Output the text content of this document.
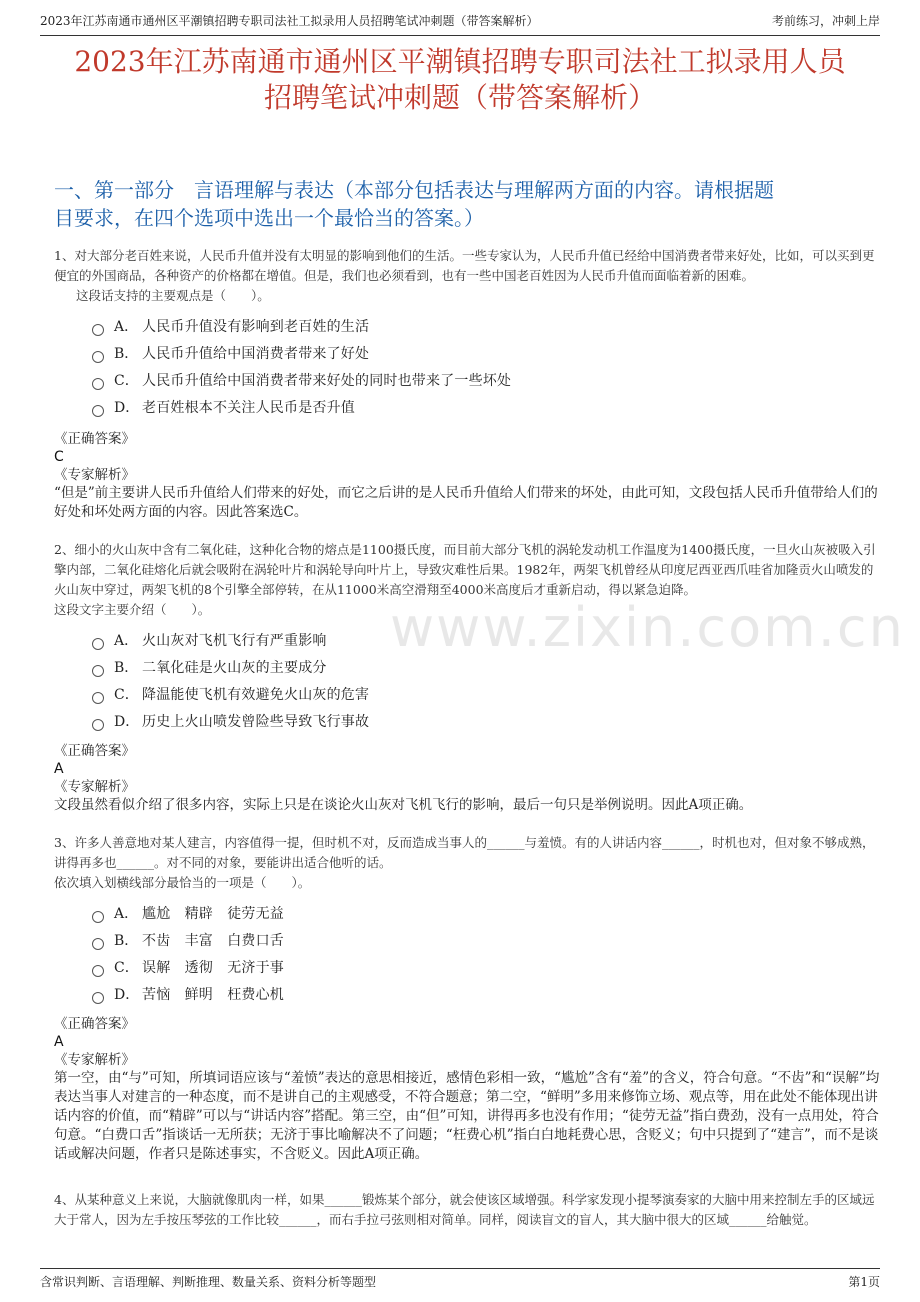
2023年江苏南通市通州区平潮镇招聘专职司法社工拟录用人员招聘笔试冲刺题（带答案解析）	考前练习，冲刺上岸
2023年江苏南通市通州区平潮镇招聘专职司法社工拟录用人员
招聘笔试冲刺题（带答案解析）
一、第一部分　言语理解与表达（本部分包括表达与理解两方面的内容。请根据题
目要求，在四个选项中选出一个最恰当的答案。）
1、对大部分老百姓来说，人民币升值并没有太明显的影响到他们的生活。一些专家认为，人民币升值已经给中国消费者带来好处，比如，可以买到更便宜的外国商品，各种资产的价格都在增值。但是，我们也必须看到，也有一些中国老百姓因为人民币升值而面临着新的困难。
这段话支持的主要观点是（　　）。
A． 人民币升值没有影响到老百姓的生活
B． 人民币升值给中国消费者带来了好处
C． 人民币升值给中国消费者带来好处的同时也带来了一些坏处
D． 老百姓根本不关注人民币是否升值
《正确答案》
C
《专家解析》
“但是”前主要讲人民币升值给人们带来的好处，而它之后讲的是人民币升值给人们带来的坏处，由此可知，文段包括人民币升值带给人们的好处和坏处两方面的内容。因此答案选C。
2、细小的火山灰中含有二氧化硅，这种化合物的熔点是1100摄氏度，而目前大部分飞机的涡轮发动机工作温度为1400摄氏度，一旦火山灰被吸入引擎内部，二氧化硅熔化后就会吸附在涡轮叶片和涡轮导向叶片上，导致灾难性后果。1982年，两架飞机曾经从印度尼西亚西爪哇省加隆贡火山喷发的火山灰中穿过，两架飞机的8个引擎全部停转，在从11000米高空滑翔至4000米高度后才重新启动，得以紧急迫降。
这段文字主要介绍（　　）。
A． 火山灰对飞机飞行有严重影响
B． 二氧化硅是火山灰的主要成分
C． 降温能使飞机有效避免火山灰的危害
D． 历史上火山喷发曾险些导致飞行事故
《正确答案》
A
《专家解析》
文段虽然看似介绍了很多内容，实际上只是在谈论火山灰对飞机飞行的影响，最后一句只是举例说明。因此A项正确。
3、许多人善意地对某人建言，内容值得一提，但时机不对，反而造成当事人的______与羞愤。有的人讲话内容______，时机也对，但对象不够成熟，讲得再多也______。对不同的对象，要能讲出适合他听的话。
依次填入划横线部分最恰当的一项是（　　）。
A． 尴尬　精辟　徒劳无益
B． 不齿　丰富　白费口舌
C． 误解　透彻　无济于事
D． 苦恼　鲜明　枉费心机
《正确答案》
A
《专家解析》
第一空，由“与”可知，所填词语应该与“羞愤”表达的意思相接近，感情色彩相一致，“尴尬”含有“羞”的含义，符合句意。“不齿”和“误解”均表达当事人对建言的一种态度，而不是讲自己的主观感受，不符合题意；第二空，“鲜明”多用来修饰立场、观点等，用在此处不能体现出讲话内容的价值，而“精辟”可以与“讲话内容”搭配。第三空，由“但”可知，讲得再多也没有作用；“徒劳无益”指白费劲，没有一点用处，符合句意。“白费口舌”指谈话一无所获；无济于事比喻解决不了问题；“枉费心机”指白白地耗费心思，含贬义；句中只提到了“建言”，而不是谈话或解决问题，作者只是陈述事实，不含贬义。因此A项正确。
4、从某种意义上来说，大脑就像肌肉一样，如果______锻炼某个部分，就会使该区域增强。科学家发现小提琴演奏家的大脑中用来控制左手的区域远大于常人，因为左手按压琴弦的工作比较______，而右手拉弓弦则相对简单。同样，阅读盲文的盲人，其大脑中很大的区域______给触觉。
www.zixin.com.cn
含常识判断、言语理解、判断推理、数量关系、资料分析等题型	第1页
